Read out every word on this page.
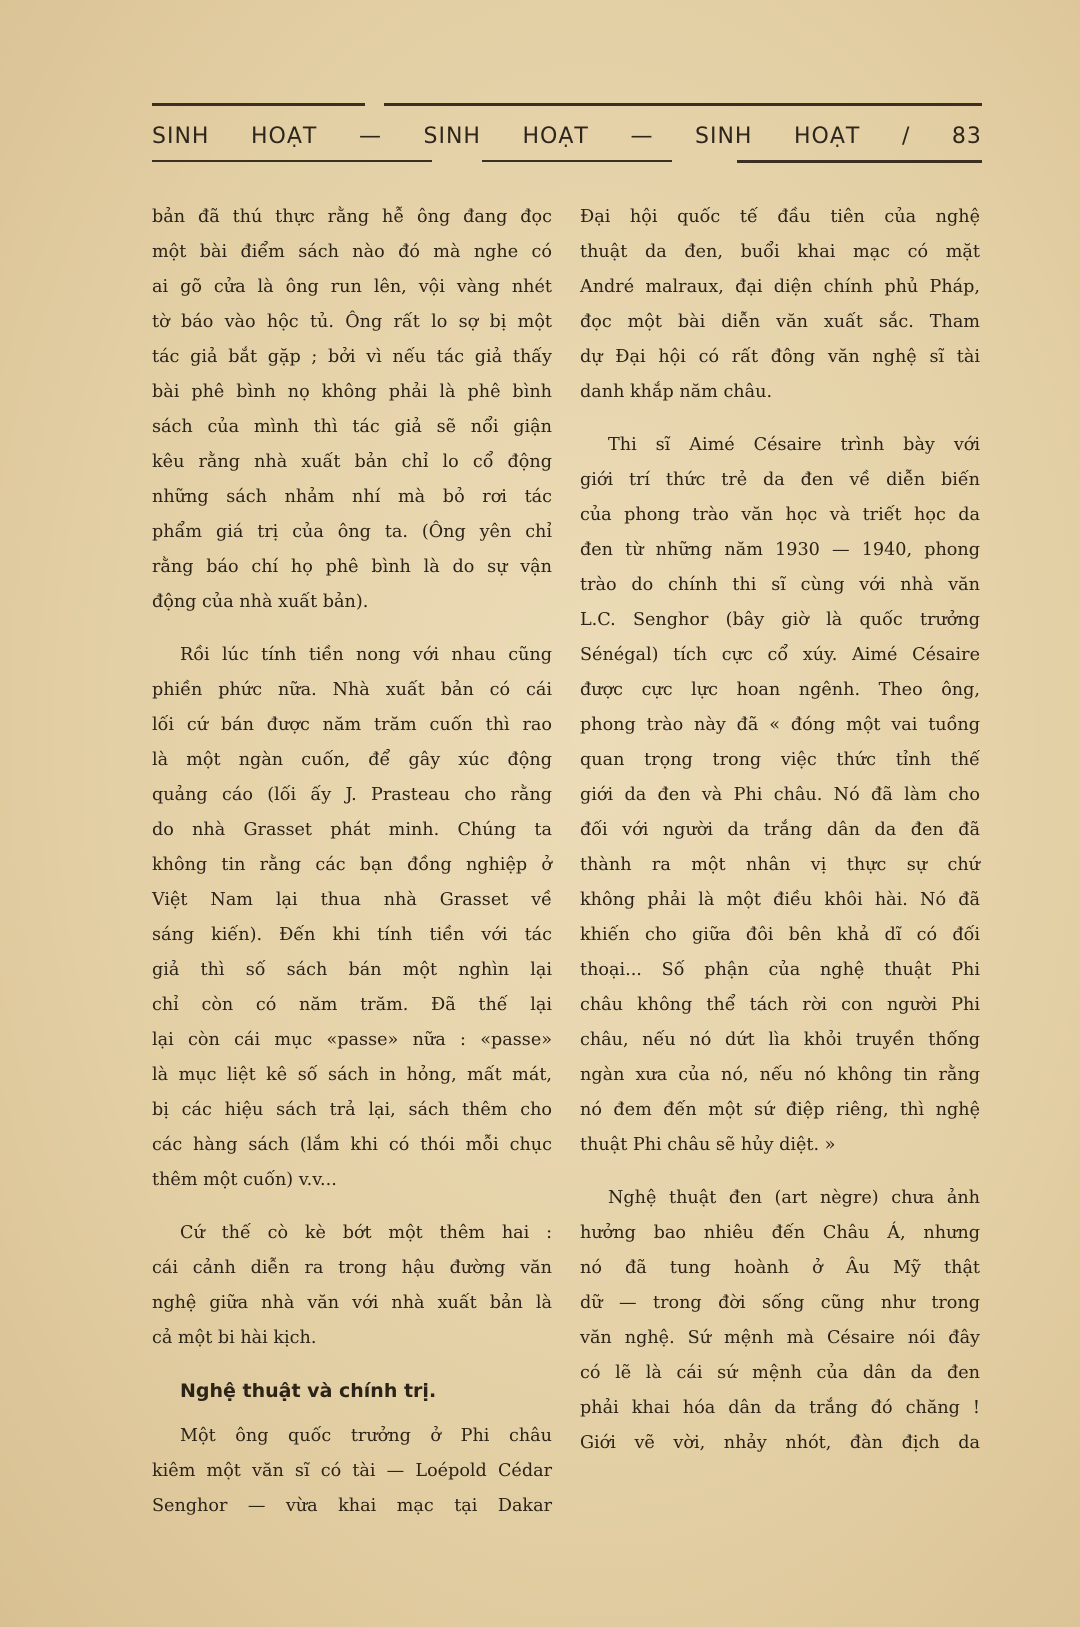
SINH HOẠT — SINH HOẠT — SINH HOẠT / 83
bản đã thú thực rằng hễ ông đang đọc
một bài điểm sách nào đó mà nghe có
ai gõ cửa là ông run lên, vội vàng nhét
tờ báo vào hộc tủ. Ông rất lo sợ bị một
tác giả bắt gặp ; bởi vì nếu tác giả thấy
bài phê bình nọ không phải là phê bình
sách của mình thì tác giả sẽ nổi giận
kêu rằng nhà xuất bản chỉ lo cổ động
những sách nhảm nhí mà bỏ rơi tác
phẩm giá trị của ông ta. (Ông yên chỉ
rằng báo chí họ phê bình là do sự vận
động của nhà xuất bản).
Rồi lúc tính tiền nong với nhau cũng
phiền phức nữa. Nhà xuất bản có cái
lối cứ bán được năm trăm cuốn thì rao
là một ngàn cuốn, để gây xúc động
quảng cáo (lối ấy J. Prasteau cho rằng
do nhà Grasset phát minh. Chúng ta
không tin rằng các bạn đồng nghiệp ở
Việt Nam lại thua nhà Grasset về
sáng kiến). Đến khi tính tiền với tác
giả thì số sách bán một nghìn lại
chỉ còn có năm trăm. Đã thế lại
lại còn cái mục «passe» nữa : «passe»
là mục liệt kê số sách in hỏng, mất mát,
bị các hiệu sách trả lại, sách thêm cho
các hàng sách (lắm khi có thói mỗi chục
thêm một cuốn) v.v...
Cứ thế cò kè bớt một thêm hai :
cái cảnh diễn ra trong hậu đường văn
nghệ giữa nhà văn với nhà xuất bản là
cả một bi hài kịch.
Nghệ thuật và chính trị.
Một ông quốc trưởng ở Phi châu
kiêm một văn sĩ có tài — Loépold Cédar
Senghor — vừa khai mạc tại Dakar
Đại hội quốc tế đầu tiên của nghệ
thuật da đen, buổi khai mạc có mặt
André malraux, đại diện chính phủ Pháp,
đọc một bài diễn văn xuất sắc. Tham
dự Đại hội có rất đông văn nghệ sĩ tài
danh khắp năm châu.
Thi sĩ Aimé Césaire trình bày với
giới trí thức trẻ da đen về diễn biến
của phong trào văn học và triết học da
đen từ những năm 1930 — 1940, phong
trào do chính thi sĩ cùng với nhà văn
L.C. Senghor (bây giờ là quốc trưởng
Sénégal) tích cực cổ xúy. Aimé Césaire
được cực lực hoan ngênh. Theo ông,
phong trào này đã « đóng một vai tuồng
quan trọng trong việc thức tỉnh thế
giới da đen và Phi châu. Nó đã làm cho
đối với người da trắng dân da đen đã
thành ra một nhân vị thực sự chứ
không phải là một điều khôi hài. Nó đã
khiến cho giữa đôi bên khả dĩ có đối
thoại... Số phận của nghệ thuật Phi
châu không thể tách rời con người Phi
châu, nếu nó dứt lìa khỏi truyền thống
ngàn xưa của nó, nếu nó không tin rằng
nó đem đến một sứ điệp riêng, thì nghệ
thuật Phi châu sẽ hủy diệt. »
Nghệ thuật đen (art nègre) chưa ảnh
hưởng bao nhiêu đến Châu Á, nhưng
nó đã tung hoành ở Âu Mỹ thật
dữ — trong đời sống cũng như trong
văn nghệ. Sứ mệnh mà Césaire nói đây
có lẽ là cái sứ mệnh của dân da đen
phải khai hóa dân da trắng đó chăng !
Giới vẽ vời, nhảy nhót, đàn địch da
